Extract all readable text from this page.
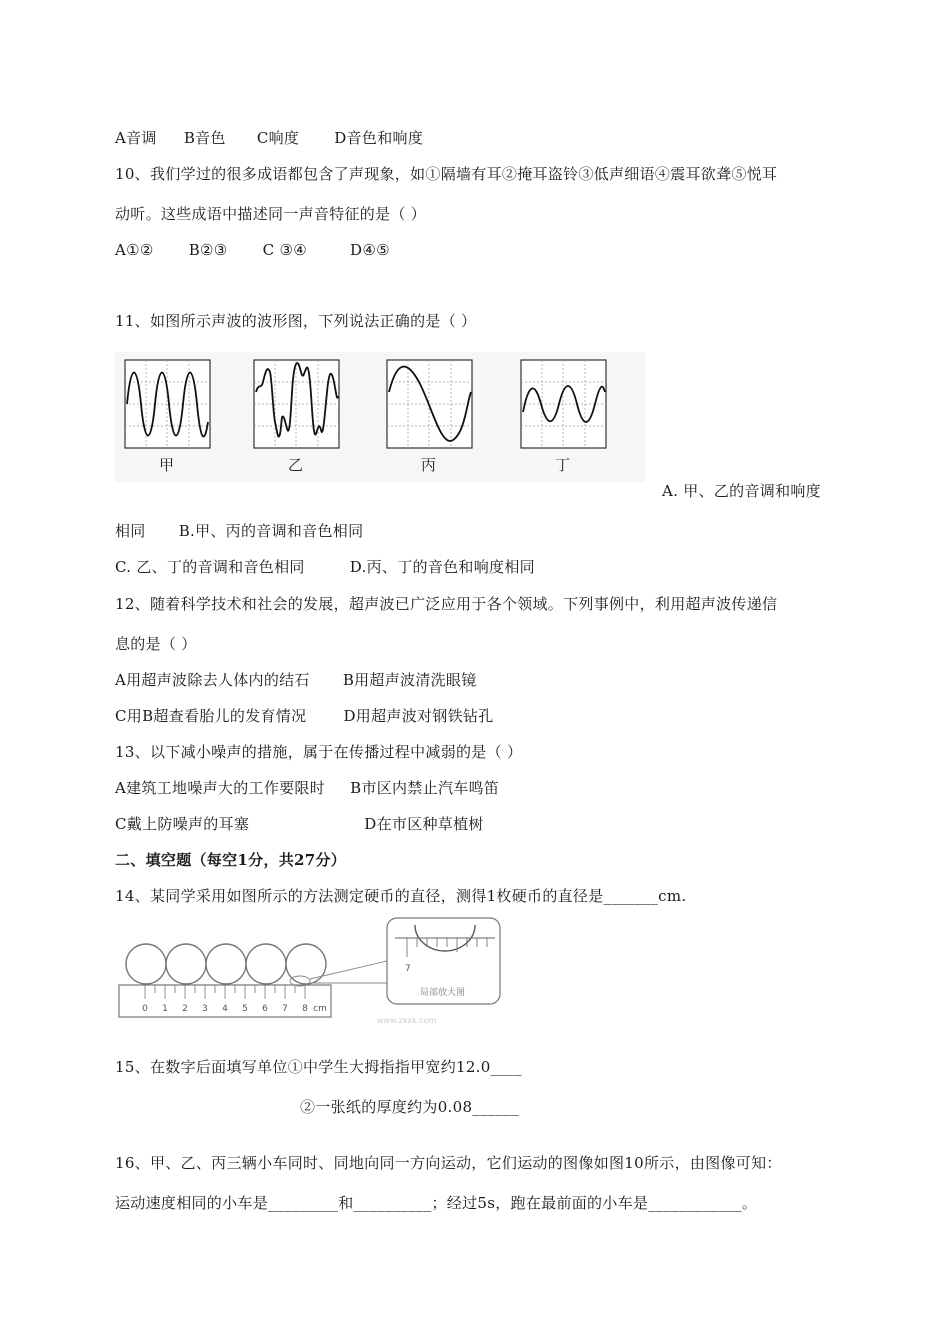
A音调 B音色 C响度 D音色和响度
10、我们学过的很多成语都包含了声现象，如①隔墙有耳②掩耳盗铃③低声细语④震耳欲聋⑤悦耳
动听。这些成语中描述同一声音特征的是（ ）
A①② B②③ C ③④	D④⑤
11、如图所示声波的波形图，下列说法正确的是（ ）
甲	乙	丙	丁
A. 甲、乙的音调和响度
相同 B.甲、丙的音调和音色相同
C. 乙、丁的音调和音色相同	D.丙、丁的音色和响度相同
12、随着科学技术和社会的发展，超声波已广泛应用于各个领域。下列事例中，利用超声波传递信
息的是（ ）
A用超声波除去人体内的结石 B用超声波清洗眼镜
C用B超查看胎儿的发育情况 D用超声波对钢铁钻孔
13、以下减小噪声的措施，属于在传播过程中减弱的是（ ）
A建筑工地噪声大的工作要限时 B市区内禁止汽车鸣笛
C戴上防噪声的耳塞	D在市区种草植树
二、填空题（每空1分，共27分）
14、某同学采用如图所示的方法测定硬币的直径，测得1枚硬币的直径是_______cm.
0 1 2 3 4 5 6 7 8 cm
7
局部放大图
www.zxxk.com
15、在数字后面填写单位①中学生大拇指指甲宽约12.0____
②一张纸的厚度约为0.08______
16、甲、乙、丙三辆小车同时、同地向同一方向运动，它们运动的图像如图10所示，由图像可知：
运动速度相同的小车是_________和__________；经过5s，跑在最前面的小车是____________。
